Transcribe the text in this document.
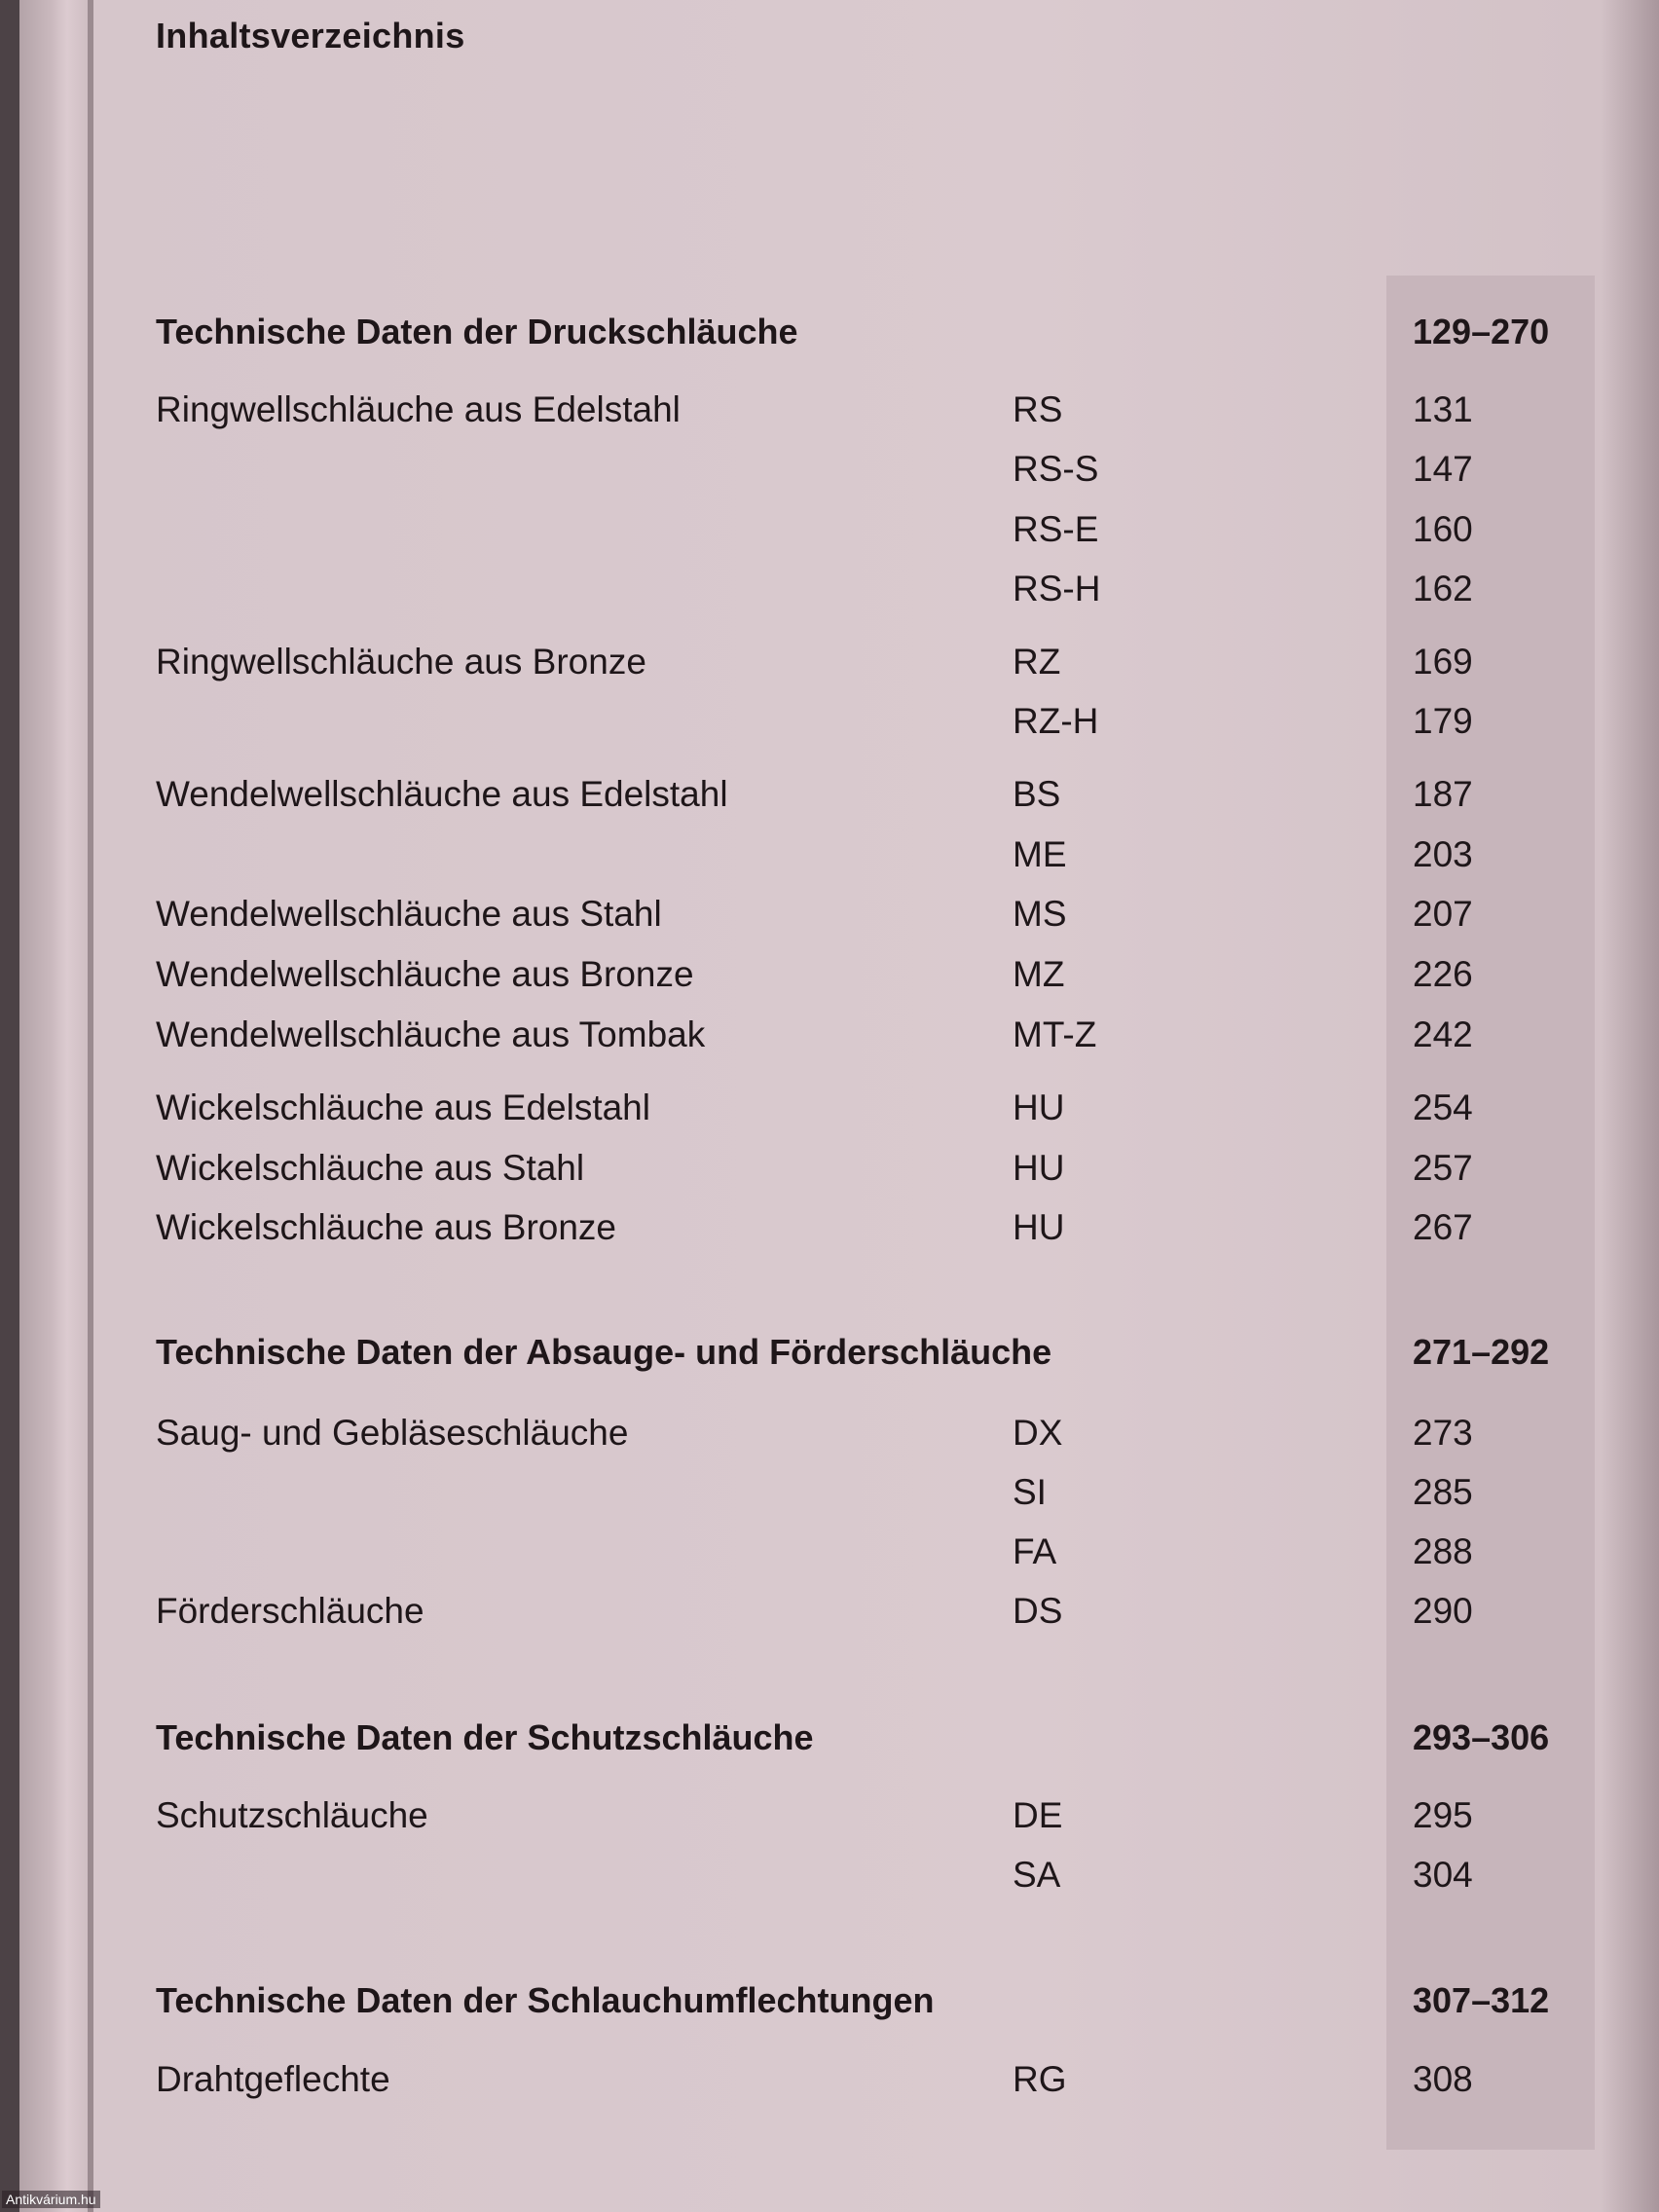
Inhaltsverzeichnis
Technische Daten der Druckschläuche	129–270
Ringwellschläuche aus Edelstahl	RS	131
RS-S	147
RS-E	160
RS-H	162
Ringwellschläuche aus Bronze	RZ	169
RZ-H	179
Wendelwellschläuche aus Edelstahl	BS	187
ME	203
Wendelwellschläuche aus Stahl	MS	207
Wendelwellschläuche aus Bronze	MZ	226
Wendelwellschläuche aus Tombak	MT-Z	242
Wickelschläuche aus Edelstahl	HU	254
Wickelschläuche aus Stahl	HU	257
Wickelschläuche aus Bronze	HU	267
Technische Daten der Absauge- und Förderschläuche	271–292
Saug- und Gebläseschläuche	DX	273
SI	285
FA	288
Förderschläuche	DS	290
Technische Daten der Schutzschläuche	293–306
Schutzschläuche	DE	295
SA	304
Technische Daten der Schlauchumflechtungen	307–312
Drahtgeflechte	RG	308
Antikvárium.hu
